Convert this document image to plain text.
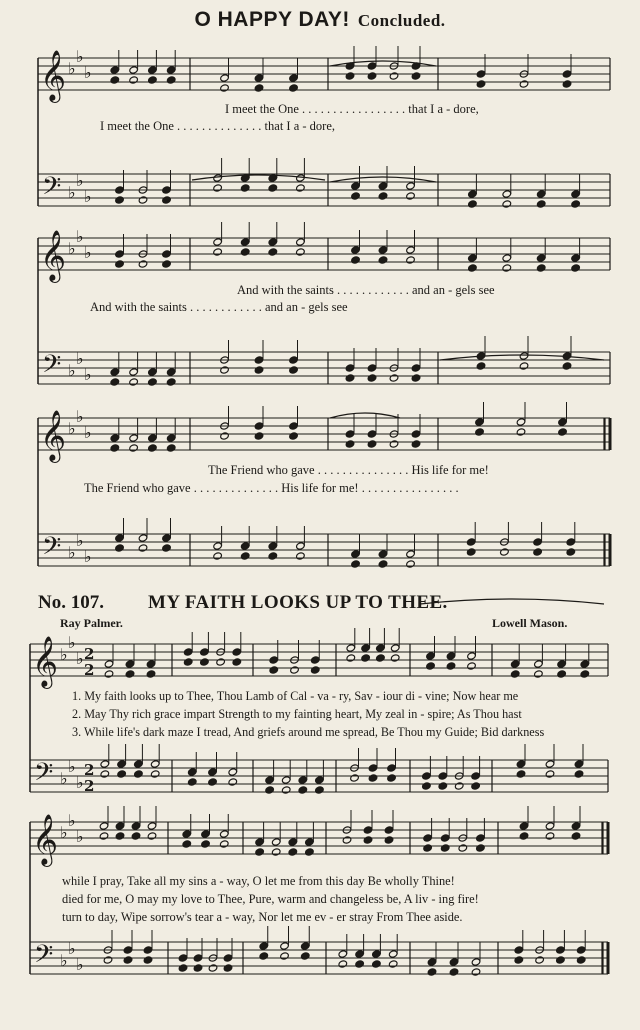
O HAPPY DAY! Concluded.
I meet the One . . . . . . . . . . . . . . . . . that I a - dore,
I meet the One . . . . . . . . . . . . . . that I a - dore,
And with the saints . . . . . . . . . . . . and an - gels see
And with the saints . . . . . . . . . . . . and an - gels see
The Friend who gave . . . . . . . . . . . . . . . His life for me!
The Friend who gave . . . . . . . . . . . . . . His life for me! . . . . . . . . . . . . . . . .
No. 107. MY FAITH LOOKS UP TO THEE.
Ray Palmer.	Lowell Mason.
1. My faith looks up to Thee, Thou Lamb of Cal - va - ry, Sav - iour di - vine; Now hear me
2. May Thy rich grace impart Strength to my fainting heart, My zeal in - spire; As Thou hast
3. While life's dark maze I tread, And griefs around me spread, Be Thou my Guide; Bid darkness
while I pray, Take all my sins a - way, O let me from this day Be wholly Thine!
died for me, O may my love to Thee, Pure, warm and changeless be, A liv - ing fire!
turn to day, Wipe sorrow's tear a - way, Nor let me ev - er stray From Thee aside.
𝄞
𝄢
♭
♭
♭
♭
♭
♭
𝄞
𝄢
♭
♭
♭
♭
♭
♭
𝄞
𝄢
♭
♭
♭
♭
♭
♭
𝄞
𝄢
♭
♭
♭
♭
♭
♭
𝄞
𝄢
♭
♭
♭
♭
♭
♭
2
2
2
2
